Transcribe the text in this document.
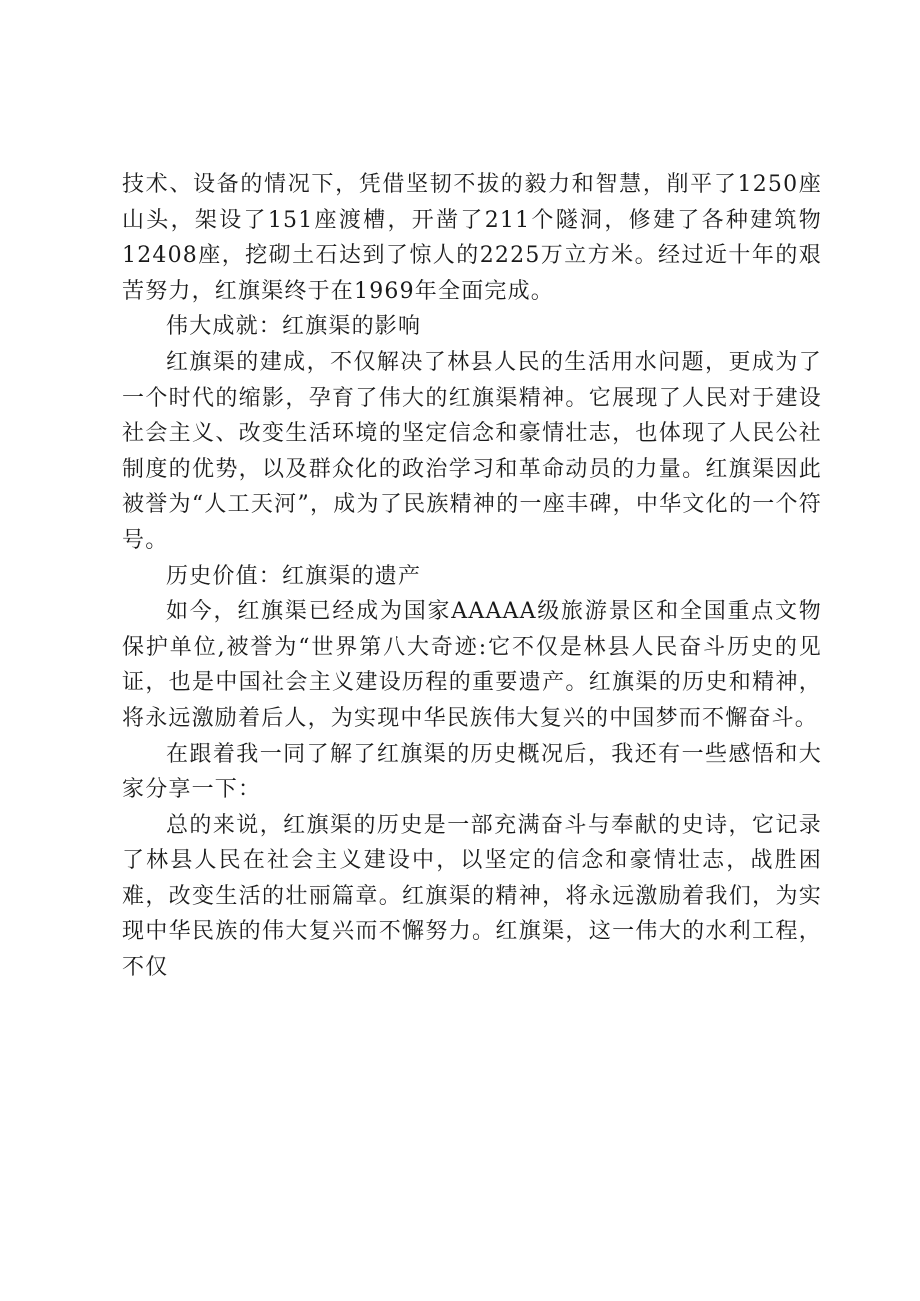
技术、设备的情况下，凭借坚韧不拔的毅力和智慧，削平了1250座山头，架设了151座渡槽，开凿了211个隧洞，修建了各种建筑物12408座，挖砌土石达到了惊人的2225万立方米。经过近十年的艰苦努力，红旗渠终于在1969年全面完成。

伟大成就：红旗渠的影响

红旗渠的建成，不仅解决了林县人民的生活用水问题，更成为了一个时代的缩影，孕育了伟大的红旗渠精神。它展现了人民对于建设社会主义、改变生活环境的坚定信念和豪情壮志，也体现了人民公社制度的优势，以及群众化的政治学习和革命动员的力量。红旗渠因此被誉为“人工天河”，成为了民族精神的一座丰碑，中华文化的一个符号。

历史价值：红旗渠的遗产

如今，红旗渠已经成为国家AAAAA级旅游景区和全国重点文物保护单位,被誉为“世界第八大奇迹:它不仅是林县人民奋斗历史的见证，也是中国社会主义建设历程的重要遗产。红旗渠的历史和精神，将永远激励着后人，为实现中华民族伟大复兴的中国梦而不懈奋斗。

在跟着我一同了解了红旗渠的历史概况后，我还有一些感悟和大家分享一下：

总的来说，红旗渠的历史是一部充满奋斗与奉献的史诗，它记录了林县人民在社会主义建设中，以坚定的信念和豪情壮志，战胜困难，改变生活的壮丽篇章。红旗渠的精神，将永远激励着我们，为实现中华民族的伟大复兴而不懈努力。红旗渠，这一伟大的水利工程，不仅
